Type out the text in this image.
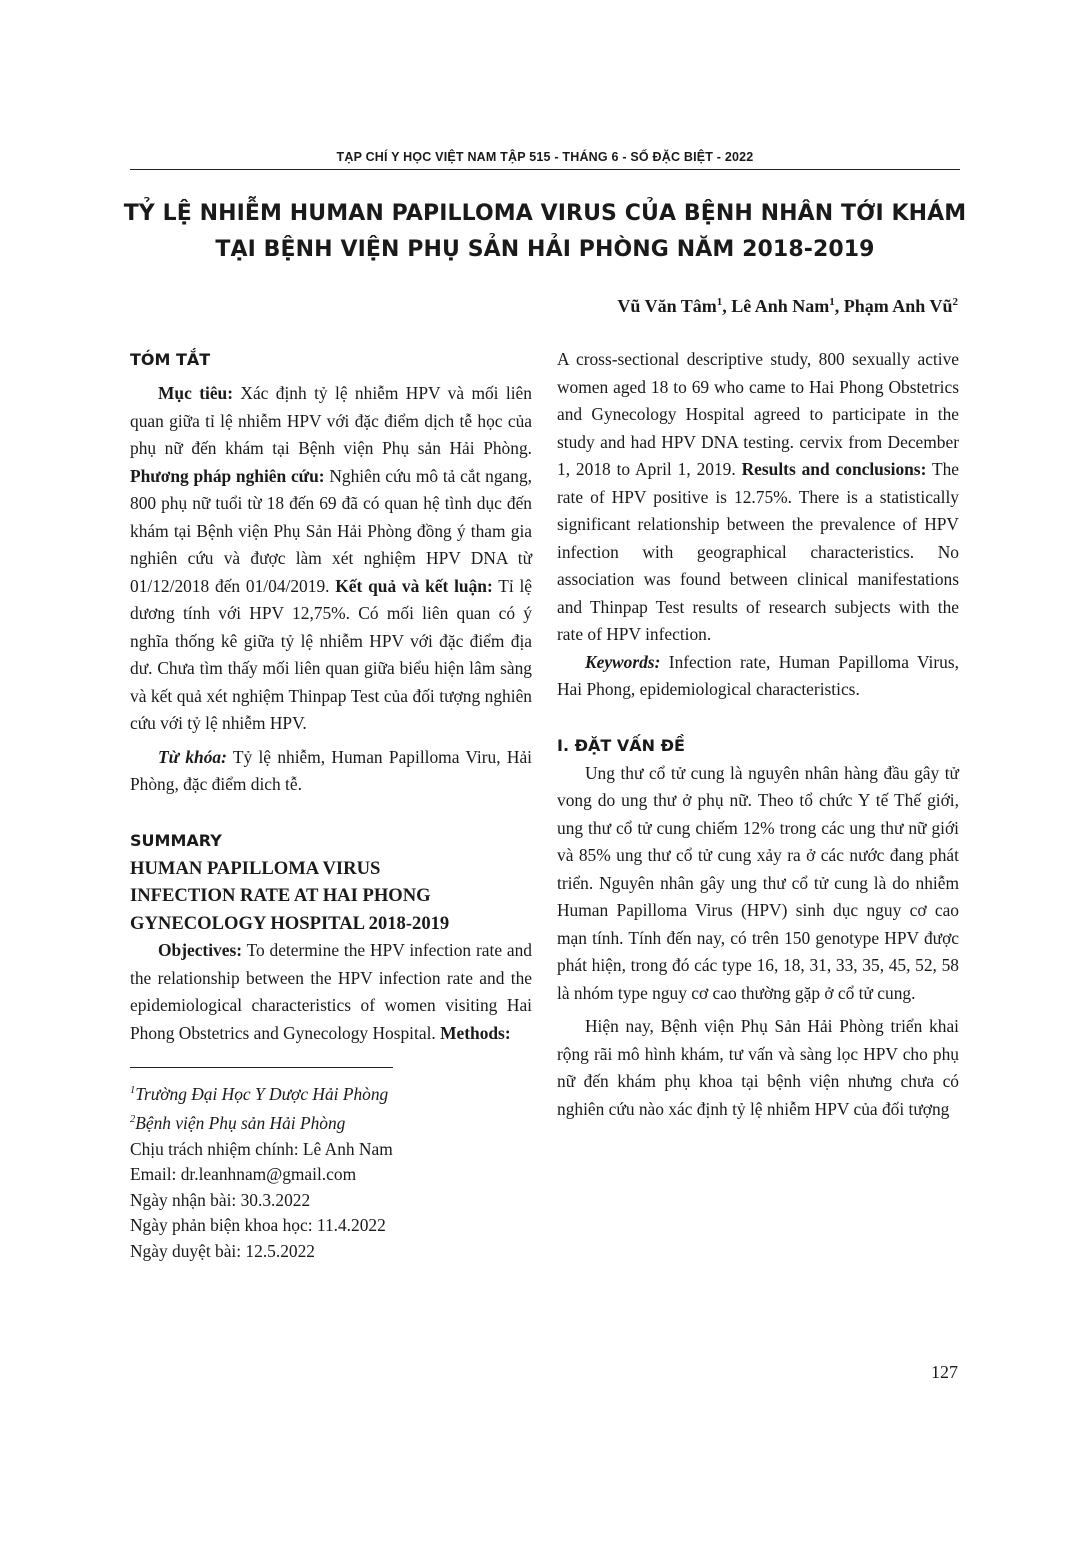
TẠP CHÍ Y HỌC VIỆT NAM TẬP 515 - THÁNG 6 - SỐ ĐẶC BIỆT - 2022
TỶ LỆ NHIỄM HUMAN PAPILLOMA VIRUS CỦA BỆNH NHÂN TỚI KHÁM
TẠI BỆNH VIỆN PHỤ SẢN HẢI PHÒNG NĂM 2018-2019
Vũ Văn Tâm$^1$, Lê Anh Nam$^1$, Phạm Anh $Vũ^2$
TÓM TẮT

Mục tiêu: Xác định tỷ lệ nhiễm HPV và mối liên quan giữa tỉ lệ nhiễm HPV với đặc điểm dịch tễ học của phụ nữ đến khám tại Bệnh viện Phụ sản Hải Phòng. Phương pháp nghiên cứu: Nghiên cứu mô tả cắt ngang, 800 phụ nữ tuổi từ 18 đến 69 đã có quan hệ tình dục đến khám tại Bệnh viện Phụ Sản Hải Phòng đồng ý tham gia nghiên cứu và được làm xét nghiệm HPV DNA từ 01/12/2018 đến 01/04/2019. Kết quả và kết luận: Tỉ lệ dương tính với HPV 12,75%. Có mối liên quan có ý nghĩa thống kê giữa tỷ lệ nhiễm HPV với đặc điểm địa dư. Chưa tìm thấy mối liên quan giữa biểu hiện lâm sàng và kết quả xét nghiệm Thinpap Test của đối tượng nghiên cứu với tỷ lệ nhiễm HPV.

Từ khóa: Tỷ lệ nhiễm, Human Papilloma Viru, Hải Phòng, đặc điểm dich tễ.

SUMMARY

HUMAN PAPILLOMA VIRUS
INFECTION RATE AT HAI PHONG
GYNECOLOGY HOSPITAL 2018-2019

Objectives: To determine the HPV infection rate and the relationship between the HPV infection rate and the epidemiological characteristics of women visiting Hai Phong Obstetrics and Gynecology Hospital. Methods:

$^1$Trường Đại Học Y Dược Hải Phòng

$^2$Bệnh viện Phụ sản Hải Phòng

Chịu trách nhiệm chính: Lê Anh Nam

Email: dr.leanhnam@gmail.com

Ngày nhận bài: 30.3.2022

Ngày phản biện khoa học: 11.4.2022

Ngày duyệt bài: 12.5.2022

A cross-sectional descriptive study, 800 sexually active women aged 18 to 69 who came to Hai Phong Obstetrics and Gynecology Hospital agreed to participate in the study and had HPV DNA testing. cervix from December 1, 2018 to April 1, 2019. Results and conclusions: The rate of HPV positive is 12.75%. There is a statistically significant relationship between the prevalence of HPV infection with geographical characteristics. No association was found between clinical manifestations and Thinpap Test results of research subjects with the rate of HPV infection.

Keywords: Infection rate, Human Papilloma Virus, Hai Phong, epidemiological characteristics.

I. ĐẶT VẤN ĐỀ

Ung thư cổ tử cung là nguyên nhân hàng đầu gây tử vong do ung thư ở phụ nữ. Theo tổ chức Y tế Thế giới, ung thư cổ tử cung chiếm 12% trong các ung thư nữ giới và 85% ung thư cổ tử cung xảy ra ở các nước đang phát triển. Nguyên nhân gây ung thư cổ tử cung là do nhiễm Human Papilloma Virus (HPV) sinh dục nguy cơ cao mạn tính. Tính đến nay, có trên 150 genotype HPV được phát hiện, trong đó các type 16, 18, 31, 33, 35, 45, 52, 58 là nhóm type nguy cơ cao thường gặp ở cổ tử cung.

Hiện nay, Bệnh viện Phụ Sản Hải Phòng triển khai rộng rãi mô hình khám, tư vấn và sàng lọc HPV cho phụ nữ đến khám phụ khoa tại bệnh viện nhưng chưa có nghiên cứu nào xác định tỷ lệ nhiễm HPV của đối tượng

127
